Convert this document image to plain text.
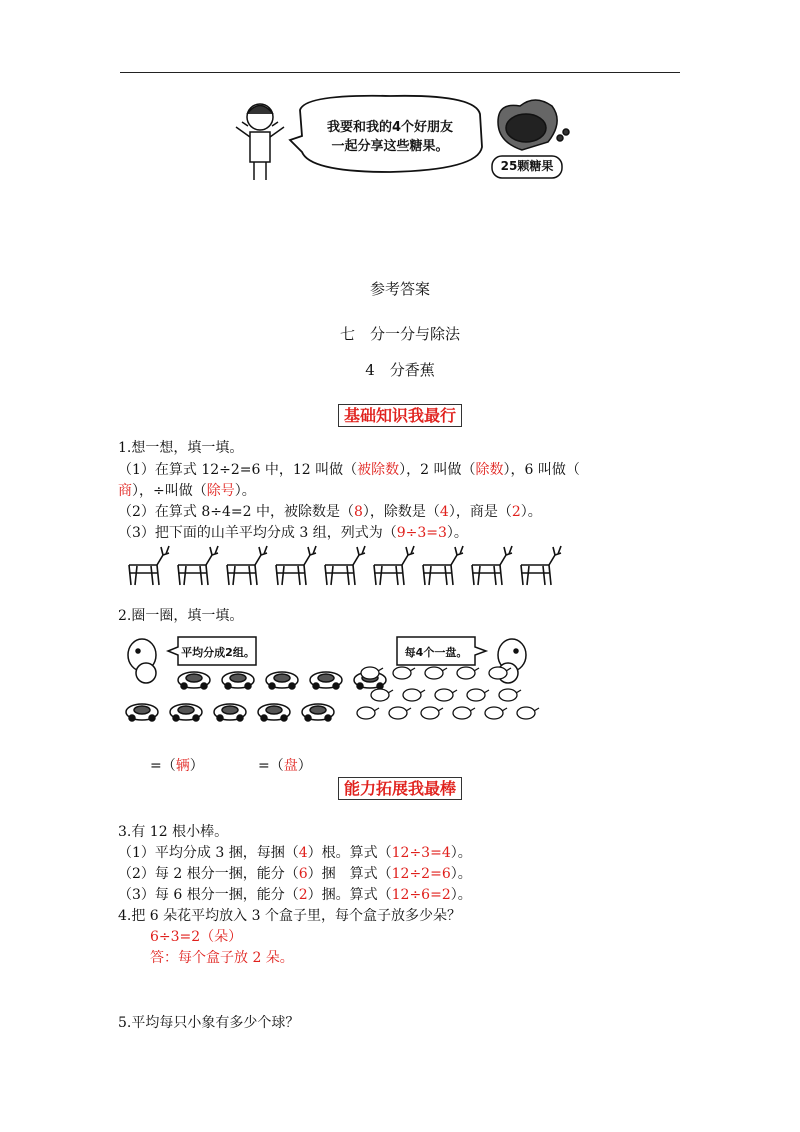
我要和我的4个好朋友
一起分享这些糖果。
25颗糖果
参考答案
七　分一分与除法
4　分香蕉
基础知识我最行
1.想一想，填一填。
（1）在算式 12÷2=6 中，12 叫做（被除数），2 叫做（除数），6 叫做（
商），÷叫做（除号）。
（2）在算式 8÷4=2 中，被除数是（8），除数是（4），商是（2）。
（3）把下面的山羊平均分成 3 组，列式为（9÷3=3）。
2.圈一圈，填一填。
平均分成2组。	每4个一盘。
=（辆）	=（盘）
能力拓展我最棒
3.有 12 根小棒。
（1）平均分成 3 捆，每捆（4）根。算式（12÷3=4）。
（2）每 2 根分一捆，能分（6）捆　算式（12÷2=6）。
（3）每 6 根分一捆，能分（2）捆。算式（12÷6=2）。
4.把 6 朵花平均放入 3 个盒子里，每个盒子放多少朵？
6÷3=2（朵）
答：每个盒子放 2 朵。
5.平均每只小象有多少个球？
